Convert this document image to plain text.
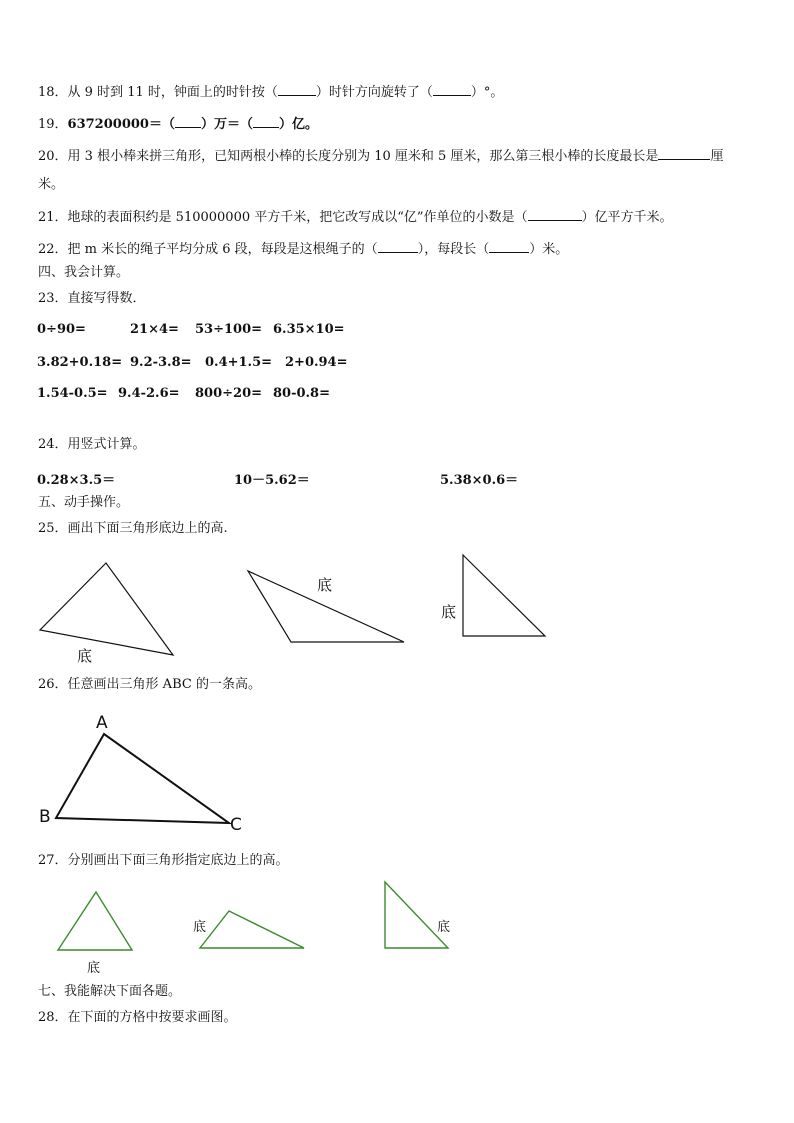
18．从 9 时到 11 时，钟面上的时针按（	）时针方向旋转了（	）°。
19．637200000＝（ ）万＝（ ）亿。
20．用 3 根小棒来拼三角形，已知两根小棒的长度分别为 10 厘米和 5 厘米，那么第三根小棒的长度最长是	厘
米。
21．地球的表面积约是 510000000 平方千米，把它改写成以“亿”作单位的小数是（	）亿平方千米。
22．把 m 米长的绳子平均分成 6 段，每段是这根绳子的（	），每段长（	）米。
四、我会计算。
23．直接写得数．
0÷90=	21×4= 53÷100= 6.35×10=
3.82+0.18= 9.2-3.8= 0.4+1.5= 2+0.94=
1.54-0.5= 9.4-2.6= 800÷20= 80-0.8=
24．用竖式计算。
0.28×3.5＝	10－5.62＝	5.38×0.6＝
五、动手操作。
25．画出下面三角形底边上的高.
26．任意画出三角形 ABC 的一条高。
27．分别画出下面三角形指定底边上的高。
七、我能解决下面各题。
28．在下面的方格中按要求画图。
底
底
底
A
B	C
底
底	底
